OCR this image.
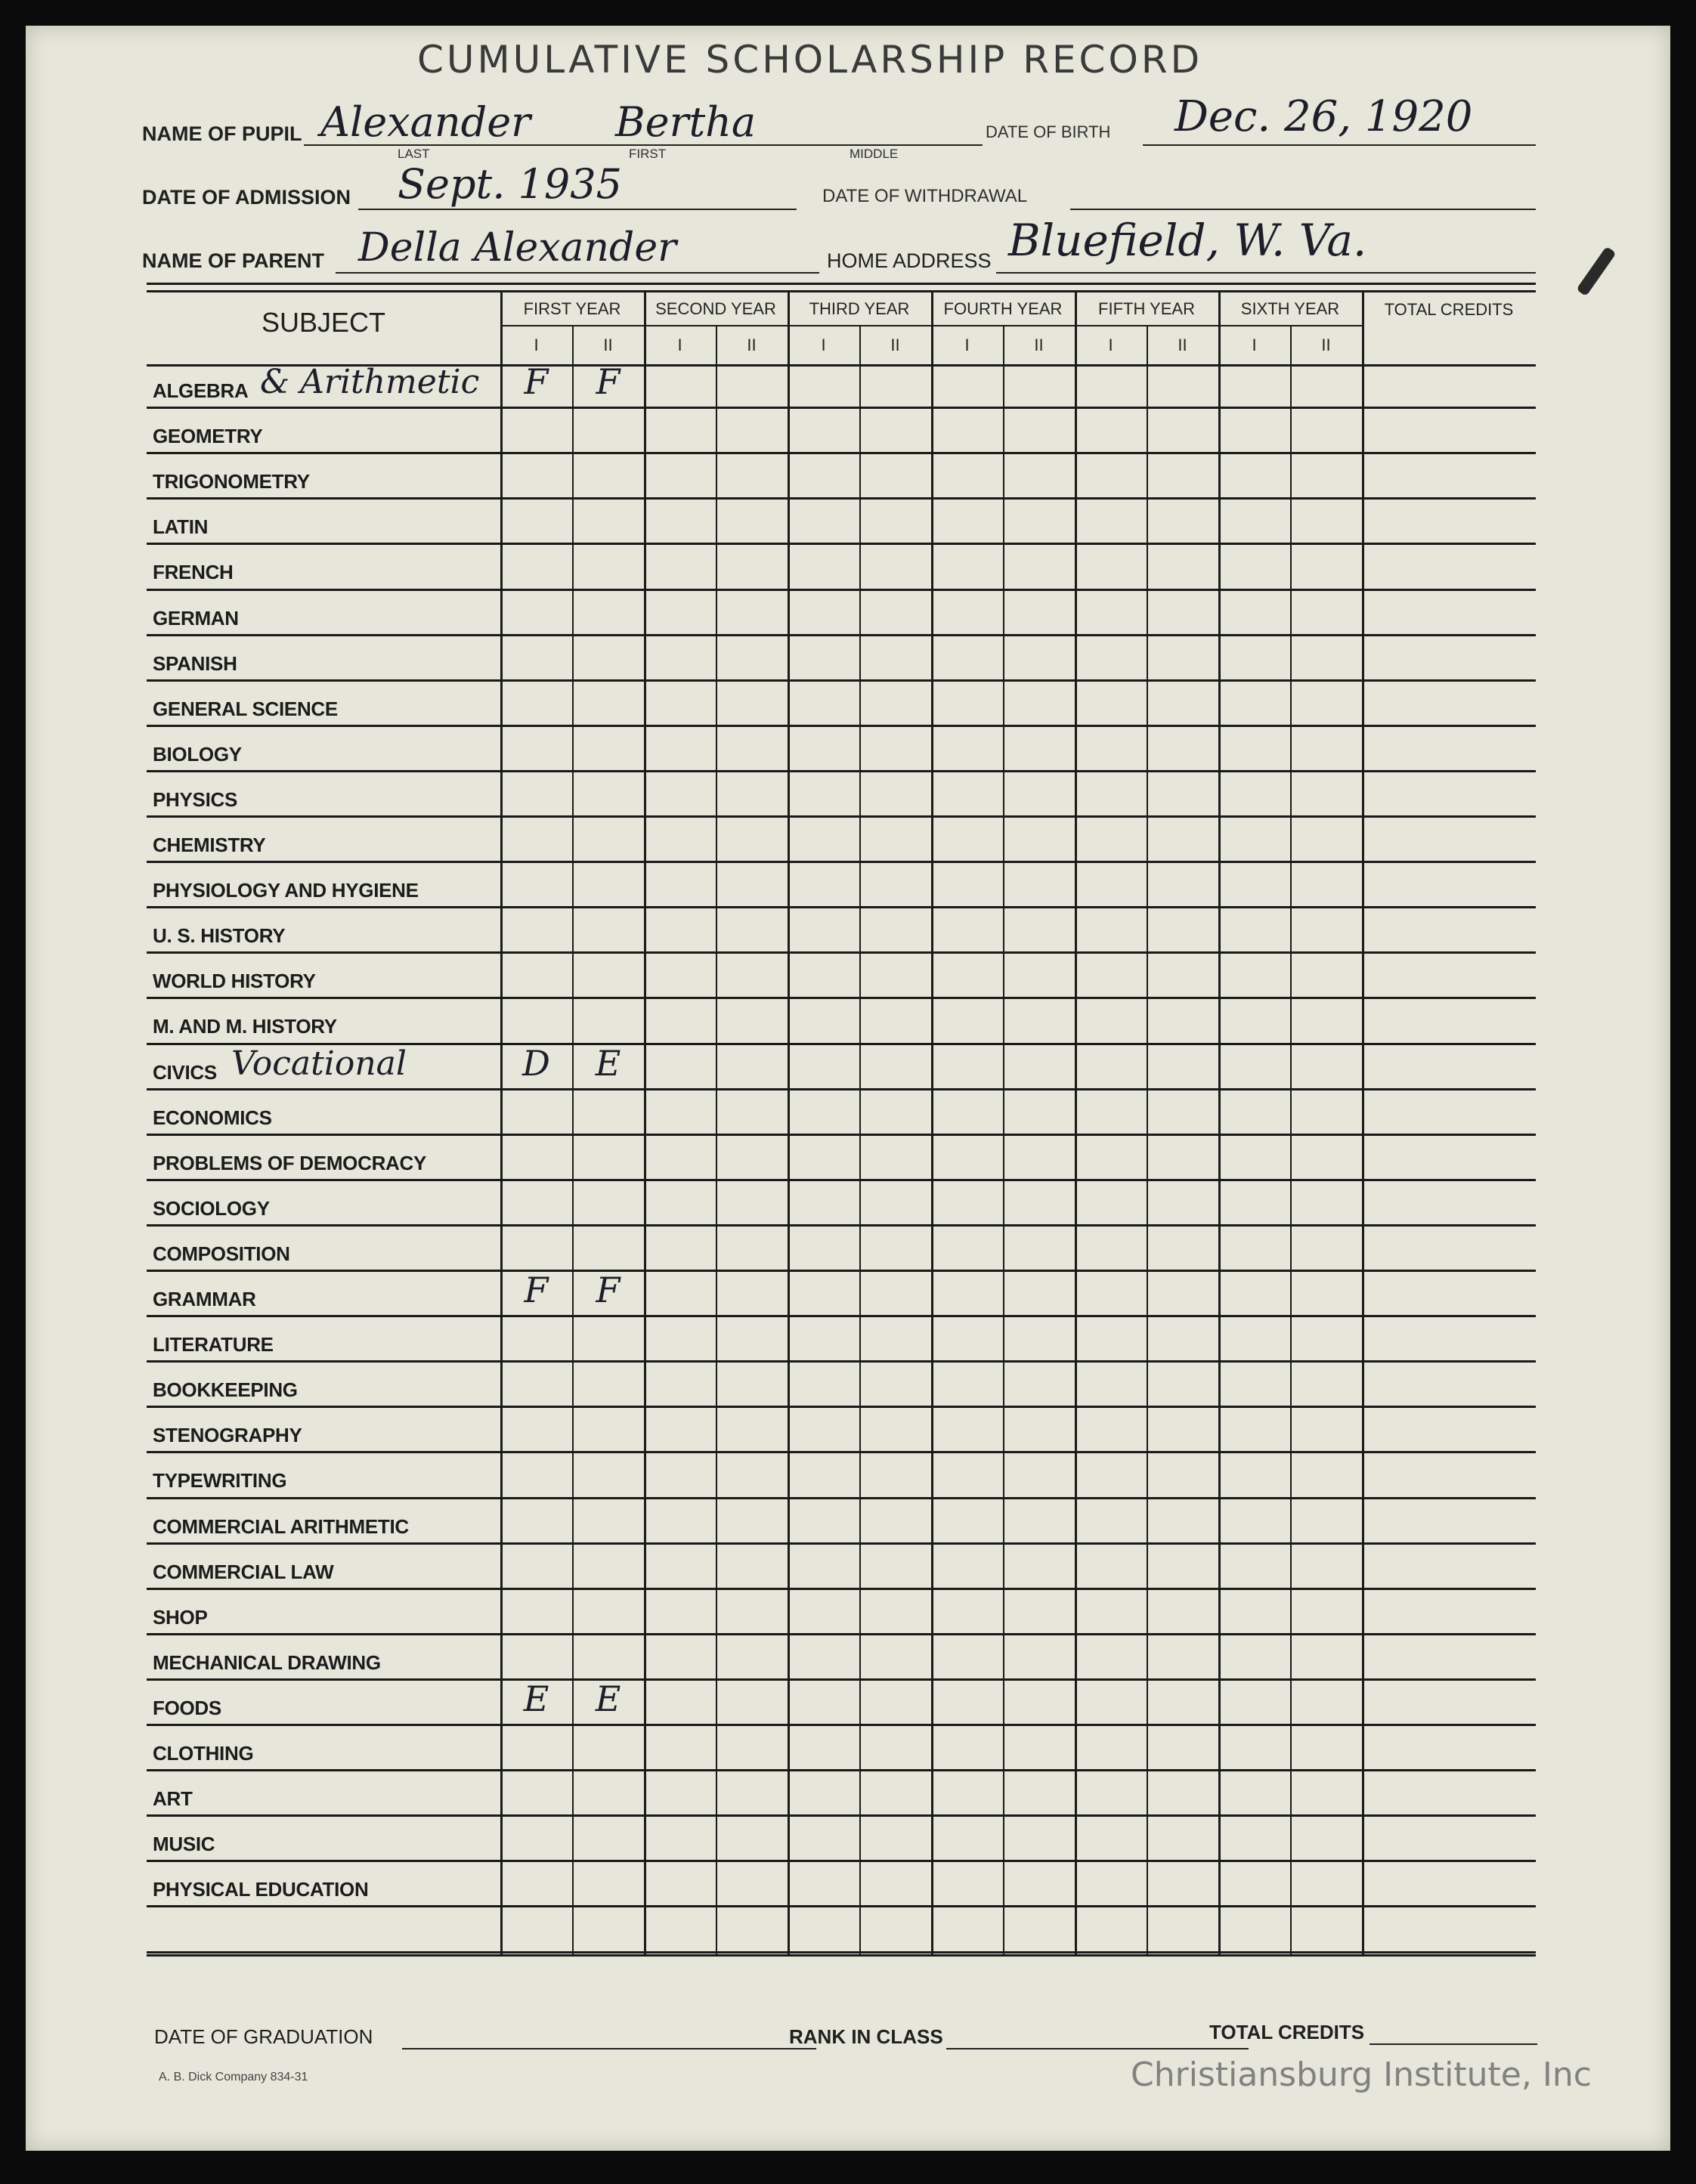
CUMULATIVE SCHOLARSHIP RECORD
NAME OF PUPIL Alexander Bertha
LAST	FIRST	MIDDLE
DATE OF BIRTH Dec. 26, 1920
DATE OF ADMISSION Sept. 1935	DATE OF WITHDRAWAL
NAME OF PARENT Della Alexander	HOME ADDRESS Bluefield, W. Va.
SUBJECT	FIRST YEAR
I	II
SECOND YEAR
I	II
THIRD YEAR
I	II
FOURTH YEAR
I	II
FIFTH YEAR
I	II
SIXTH YEAR
I	II
TOTAL CREDITS
ALGEBRA & Arithmetic	F	F
GEOMETRY
TRIGONOMETRY
LATIN
FRENCH
GERMAN
SPANISH
GENERAL SCIENCE
BIOLOGY
PHYSICS
CHEMISTRY
PHYSIOLOGY AND HYGIENE
U. S. HISTORY
WORLD HISTORY
M. AND M. HISTORY
CIVICS Vocational	D	E
ECONOMICS
PROBLEMS OF DEMOCRACY
SOCIOLOGY
COMPOSITION
GRAMMAR	F	F
LITERATURE
BOOKKEEPING
STENOGRAPHY
TYPEWRITING
COMMERCIAL ARITHMETIC
COMMERCIAL LAW
SHOP
MECHANICAL DRAWING
FOODS	E	E
CLOTHING
ART
MUSIC
PHYSICAL EDUCATION
DATE OF GRADUATION	RANK IN CLASS	TOTAL CREDITS
A. B. Dick Company 834-31	Christiansburg Institute, Inc
